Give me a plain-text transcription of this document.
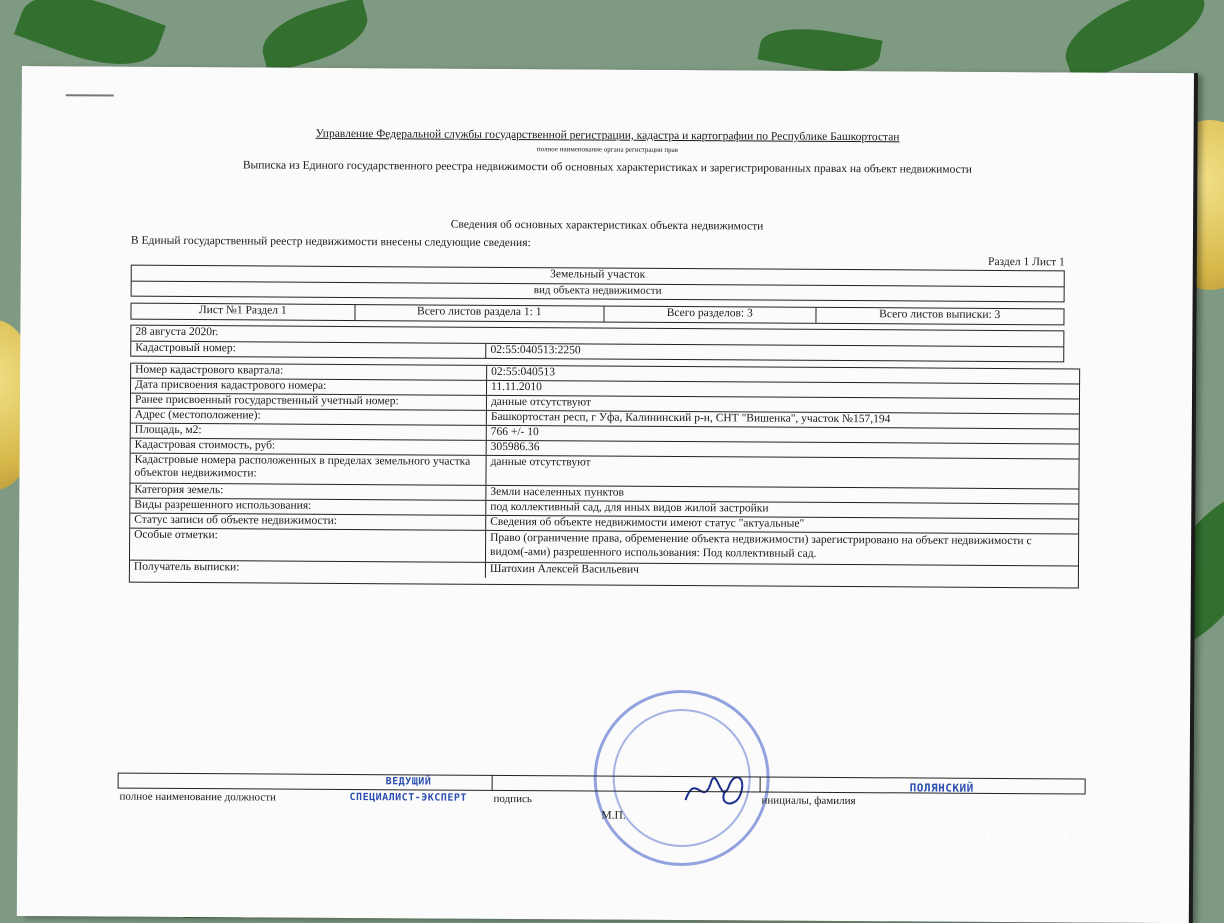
Управление Федеральной службы государственной регистрации, кадастра и картографии по Республике Башкортостан
полное наименование органа регистрации прав
Выписка из Единого государственного реестра недвижимости об основных характеристиках и зарегистрированных правах на объект недвижимости
Сведения об основных характеристиках объекта недвижимости
В Единый государственный реестр недвижимости внесены следующие сведения:
Раздел 1 Лист 1
Земельный участок
вид объекта недвижимости
Лист №1 Раздел 1	Всего листов раздела 1: 1	Всего разделов: 3	Всего листов выписки: 3
28 августа 2020г.
Кадастровый номер:	02:55:040513:2250
Номер кадастрового квартала:	02:55:040513
Дата присвоения кадастрового номера:	11.11.2010
Ранее присвоенный государственный учетный номер:	данные отсутствуют
Адрес (местоположение):	Башкортостан респ, г Уфа, Калининский р-н, СНТ "Вишенка", участок №157,194
Площадь, м2:	766 +/- 10
Кадастровая стоимость, руб:	305986.36
Кадастровые номера расположенных в пределах земельного участка объектов недвижимости:
данные отсутствуют
Категория земель:	Земли населенных пунктов
Виды разрешенного использования:	под коллективный сад, для иных видов жилой застройки
Статус записи об объекте недвижимости:	Сведения об объекте недвижимости имеют статус "актуальные"
Особые отметки:	Право (ограничение права, обременение объекта недвижимости) зарегистрировано на объект недвижимости с видом(-ами) разрешенного использования: Под коллективный сад.
Получатель выписки:	Шатохин Алексей Васильевич
ВЕДУЩИЙ
СПЕЦИАЛИСТ-ЭКСПЕРТ
ПОЛЯНСКИЙ
полное наименование должности	подпись	инициалы, фамилия
М.П.
ID 307738583
